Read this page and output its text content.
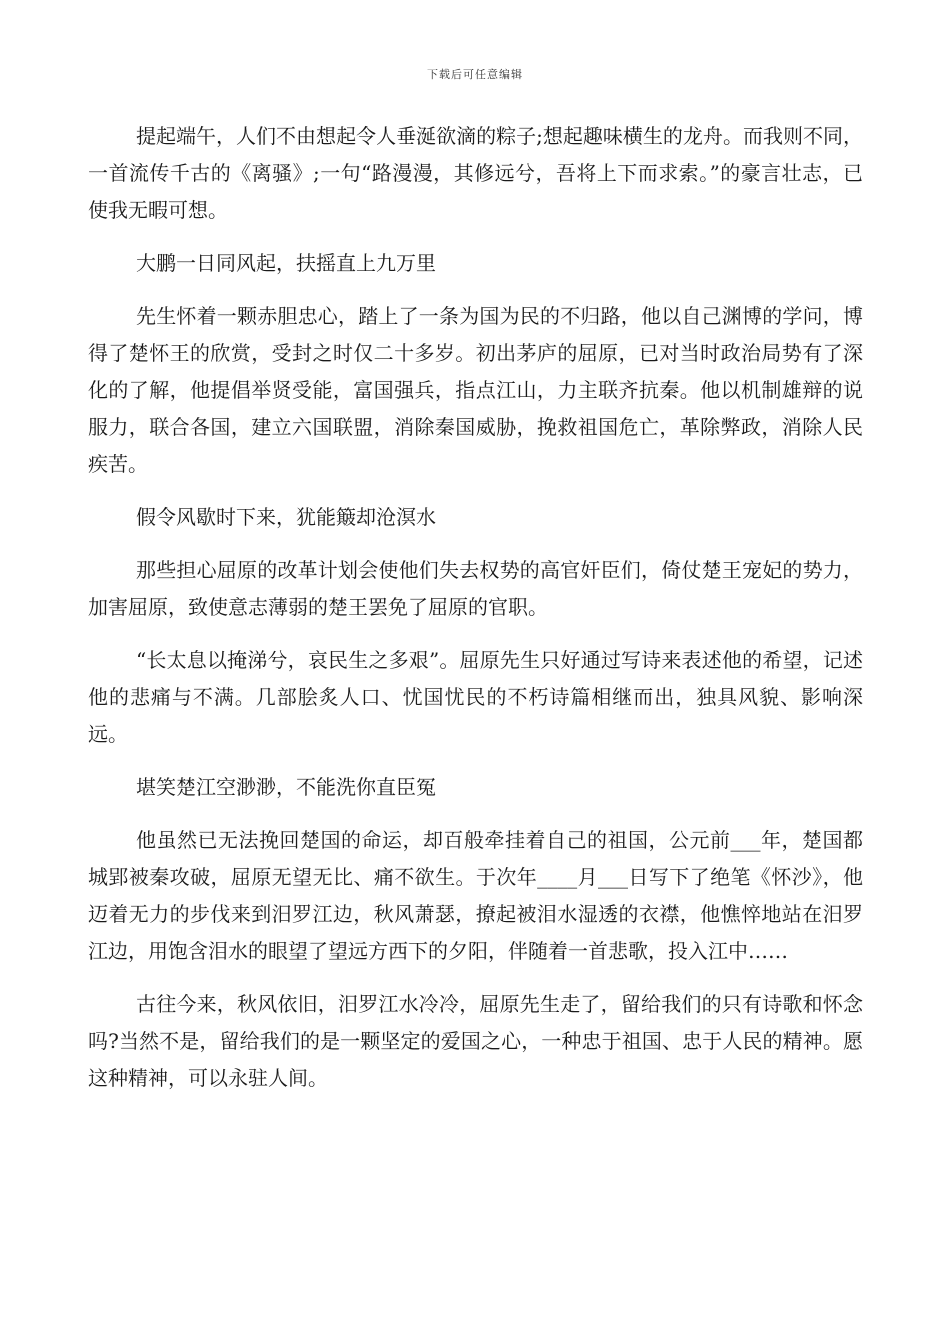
下载后可任意编辑

提起端午，人们不由想起令人垂涎欲滴的粽子;想起趣味横生的龙舟。而我则不同，一首流传千古的《离骚》;一句“路漫漫，其修远兮，吾将上下而求索。”的豪言壮志，已使我无暇可想。

大鹏一日同风起，扶摇直上九万里

先生怀着一颗赤胆忠心，踏上了一条为国为民的不归路，他以自己渊博的学问，博得了楚怀王的欣赏，受封之时仅二十多岁。初出茅庐的屈原，已对当时政治局势有了深化的了解，他提倡举贤受能，富国强兵，指点江山，力主联齐抗秦。他以机制雄辩的说服力，联合各国，建立六国联盟，消除秦国威胁，挽救祖国危亡，革除弊政，消除人民疾苦。

假令风歇时下来，犹能簸却沧溟水

那些担心屈原的改革计划会使他们失去权势的高官奸臣们，倚仗楚王宠妃的势力，加害屈原，致使意志薄弱的楚王罢免了屈原的官职。

“长太息以掩涕兮，哀民生之多艰”。屈原先生只好通过写诗来表述他的希望，记述他的悲痛与不满。几部脍炙人口、忧国忧民的不朽诗篇相继而出，独具风貌、影响深远。

堪笑楚江空渺渺，不能洗你直臣冤

他虽然已无法挽回楚国的命运，却百般牵挂着自己的祖国，公元前___年，楚国都城郢被秦攻破，屈原无望无比、痛不欲生。于次年____月___日写下了绝笔《怀沙》，他迈着无力的步伐来到汨罗江边，秋风萧瑟，撩起被泪水湿透的衣襟，他憔悴地站在汨罗江边，用饱含泪水的眼望了望远方西下的夕阳，伴随着一首悲歌，投入江中……

古往今来，秋风依旧，汨罗江水冷冷，屈原先生走了，留给我们的只有诗歌和怀念吗?当然不是，留给我们的是一颗坚定的爱国之心，一种忠于祖国、忠于人民的精神。愿这种精神，可以永驻人间。
